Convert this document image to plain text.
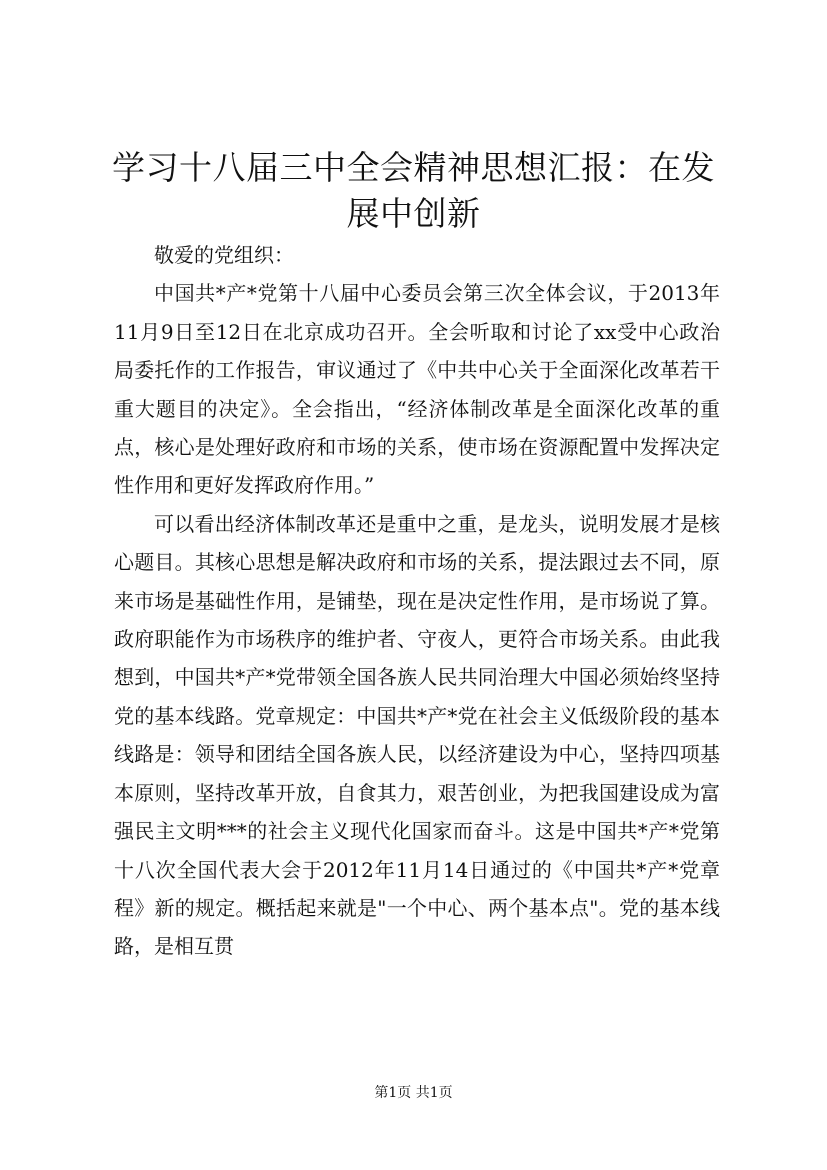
学习十八届三中全会精神思想汇报：在发展中创新

敬爱的党组织：

中国共*产*党第十八届中心委员会第三次全体会议，于2013年11月9日至12日在北京成功召开。全会听取和讨论了xx受中心政治局委托作的工作报告，审议通过了《中共中心关于全面深化改革若干重大题目的决定》。全会指出，“经济体制改革是全面深化改革的重点，核心是处理好政府和市场的关系，使市场在资源配置中发挥决定性作用和更好发挥政府作用。”

可以看出经济体制改革还是重中之重，是龙头，说明发展才是核心题目。其核心思想是解决政府和市场的关系，提法跟过去不同，原来市场是基础性作用，是铺垫，现在是决定性作用，是市场说了算。政府职能作为市场秩序的维护者、守夜人，更符合市场关系。由此我想到，中国共*产*党带领全国各族人民共同治理大中国必须始终坚持党的基本线路。党章规定：中国共*产*党在社会主义低级阶段的基本线路是：领导和团结全国各族人民，以经济建设为中心，坚持四项基本原则，坚持改革开放，自食其力，艰苦创业，为把我国建设成为富强民主文明***的社会主义现代化国家而奋斗。这是中国共*产*党第十八次全国代表大会于2012年11月14日通过的《中国共*产*党章程》新的规定。概括起来就是"一个中心、两个基本点"。党的基本线路，是相互贯

第1页 共1页
